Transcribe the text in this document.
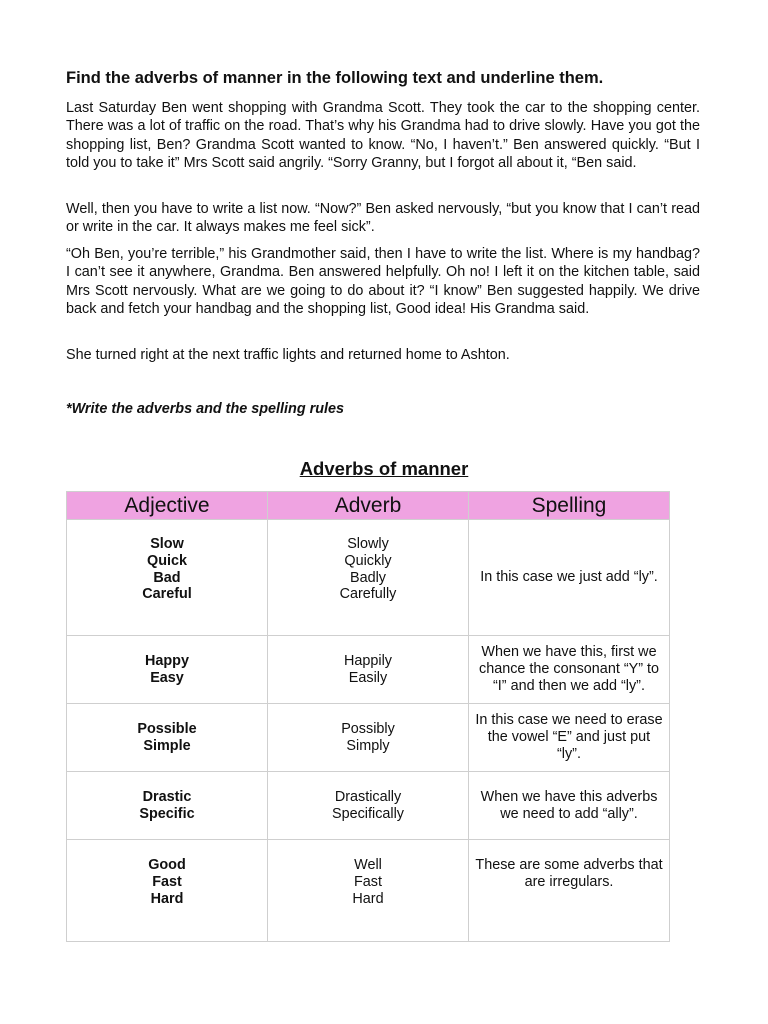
Find the adverbs of manner in the following text and underline them.

Last Saturday Ben went shopping with Grandma Scott. They took the car to the shopping center. There was a lot of traffic on the road. That’s why his Grandma had to drive slowly. Have you got the shopping list, Ben? Grandma Scott wanted to know. “No, I haven’t.” Ben answered quickly. “But I told you to take it” Mrs Scott said angrily. “Sorry Granny, but I forgot all about it, “Ben said.

Well, then you have to write a list now. “Now?” Ben asked nervously, “but you know that I can’t read or write in the car. It always makes me feel sick”.

“Oh Ben, you’re terrible,” his Grandmother said, then I have to write the list. Where is my handbag? I can’t see it anywhere, Grandma. Ben answered helpfully. Oh no! I left it on the kitchen table, said Mrs Scott nervously. What are we going to do about it? “I know” Ben suggested happily. We drive back and fetch your handbag and the shopping list, Good idea! His Grandma said.

She turned right at the next traffic lights and returned home to Ashton.

*Write the adverbs and the spelling rules

Adverbs of manner

Adjective	Adverb	Spelling

Slow
Quick
Bad
Careful	Slowly
Quickly
Badly
Carefully	In this case we just add “ly”.

Happy
Easy	Happily
Easily	When we have this, first we chance the consonant “Y” to “I” and then we add “ly”.

Possible
Simple	Possibly
Simply	In this case we need to erase the vowel “E” and just put “ly”.

Drastic
Specific	Drastically
Specifically	When we have this adverbs we need to add “ally”.

Good
Fast
Hard	Well
Fast
Hard	These are some adverbs that are irregulars.
